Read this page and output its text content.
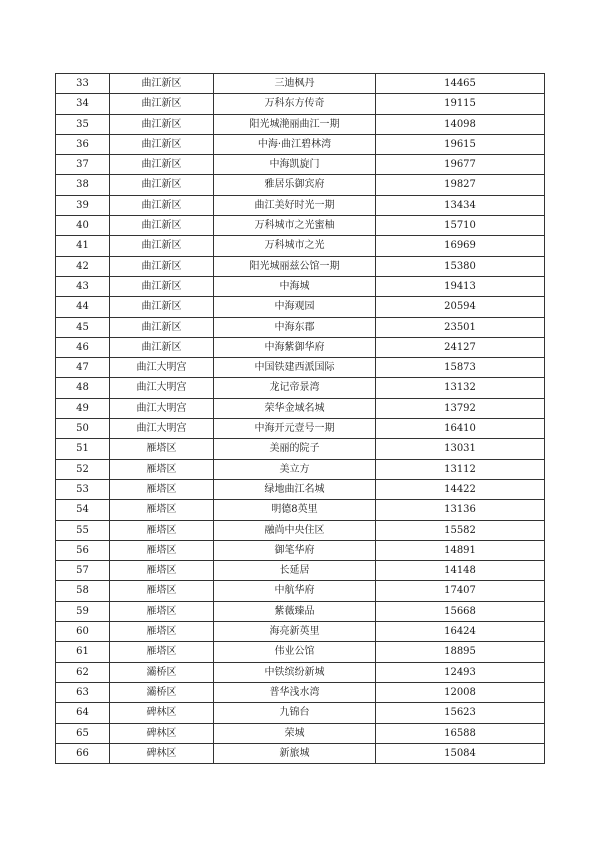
33	曲江新区	三迪枫丹	14465
34	曲江新区	万科东方传奇	19115
35	曲江新区	阳光城滟丽曲江一期	14098
36	曲江新区	中海·曲江碧林湾	19615
37	曲江新区	中海凯旋门	19677
38	曲江新区	雅居乐御宾府	19827
39	曲江新区	曲江美好时光一期	13434
40	曲江新区	万科城市之光蜜柚	15710
41	曲江新区	万科城市之光	16969
42	曲江新区	阳光城丽兹公馆一期	15380
43	曲江新区	中海城	19413
44	曲江新区	中海观园	20594
45	曲江新区	中海东郡	23501
46	曲江新区	中海紫御华府	24127
47	曲江大明宫	中国铁建西派国际	15873
48	曲江大明宫	龙记帝景湾	13132
49	曲江大明宫	荣华金域名城	13792
50	曲江大明宫	中海开元壹号一期	16410
51	雁塔区	美丽的院子	13031
52	雁塔区	美立方	13112
53	雁塔区	绿地曲江名城	14422
54	雁塔区	明德8英里	13136
55	雁塔区	融尚中央住区	15582
56	雁塔区	御笔华府	14891
57	雁塔区	长延居	14148
58	雁塔区	中航华府	17407
59	雁塔区	紫薇臻品	15668
60	雁塔区	海亮新英里	16424
61	雁塔区	伟业公馆	18895
62	灞桥区	中铁缤纷新城	12493
63	灞桥区	普华浅水湾	12008
64	碑林区	九锦台	15623
65	碑林区	荣城	16588
66	碑林区	新旅城	15084
